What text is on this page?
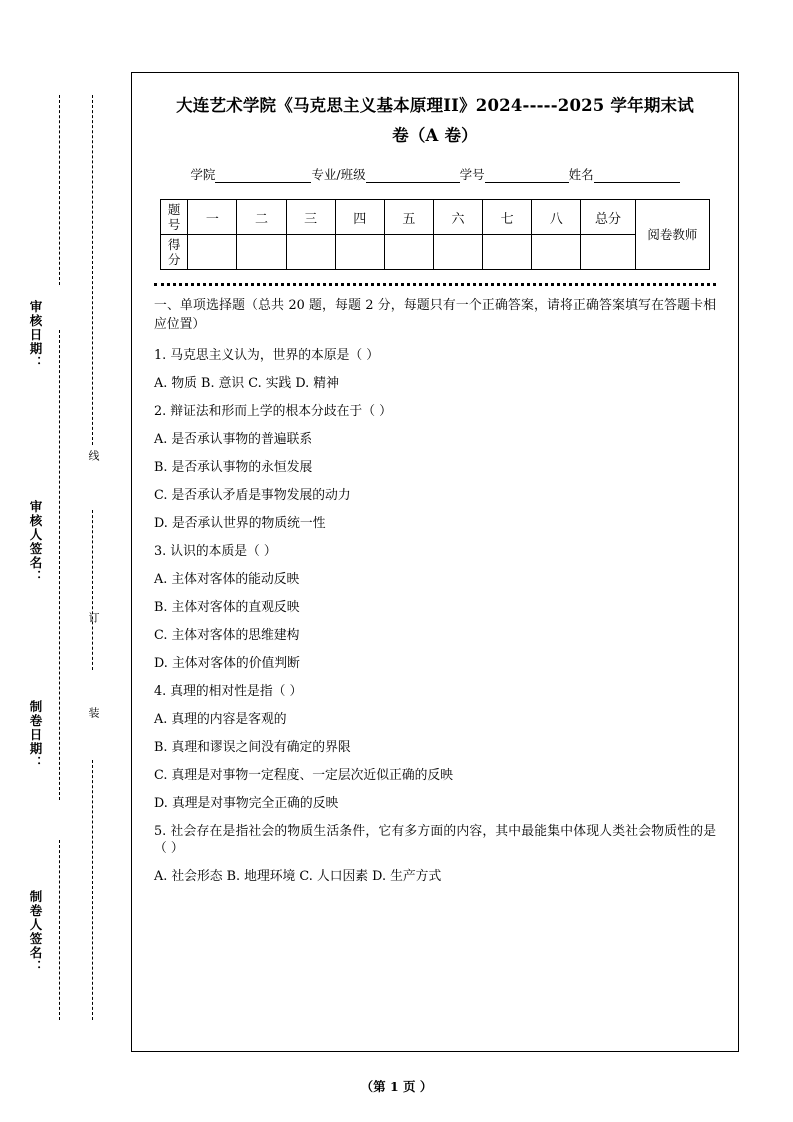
审核日期：
审核人签名：
制卷日期：
制卷人签名：
线
订
装
大连艺术学院《马克思主义基本原理II》2024-----2025 学年期末试
卷（A 卷）
学院	专业/班级	学号	姓名
题
号	一	二	三	四	五	六	七	八	总分	阅卷教师
得
分										

一、单项选择题（总共 20 题，每题 2 分，每题只有一个正确答案，请将正确答案填写在答题卡相应位置）

1. 马克思主义认为，世界的本原是（ ）

A. 物质 B. 意识 C. 实践 D. 精神

2. 辩证法和形而上学的根本分歧在于（ ）

A. 是否承认事物的普遍联系

B. 是否承认事物的永恒发展

C. 是否承认矛盾是事物发展的动力

D. 是否承认世界的物质统一性

3. 认识的本质是（ ）

A. 主体对客体的能动反映

B. 主体对客体的直观反映

C. 主体对客体的思维建构

D. 主体对客体的价值判断

4. 真理的相对性是指（ ）

A. 真理的内容是客观的

B. 真理和谬误之间没有确定的界限

C. 真理是对事物一定程度、一定层次近似正确的反映

D. 真理是对事物完全正确的反映

5. 社会存在是指社会的物质生活条件，它有多方面的内容，其中最能集中体现人类社会物质性的是（ ）

A. 社会形态 B. 地理环境 C. 人口因素 D. 生产方式

（第 1 页 ）
